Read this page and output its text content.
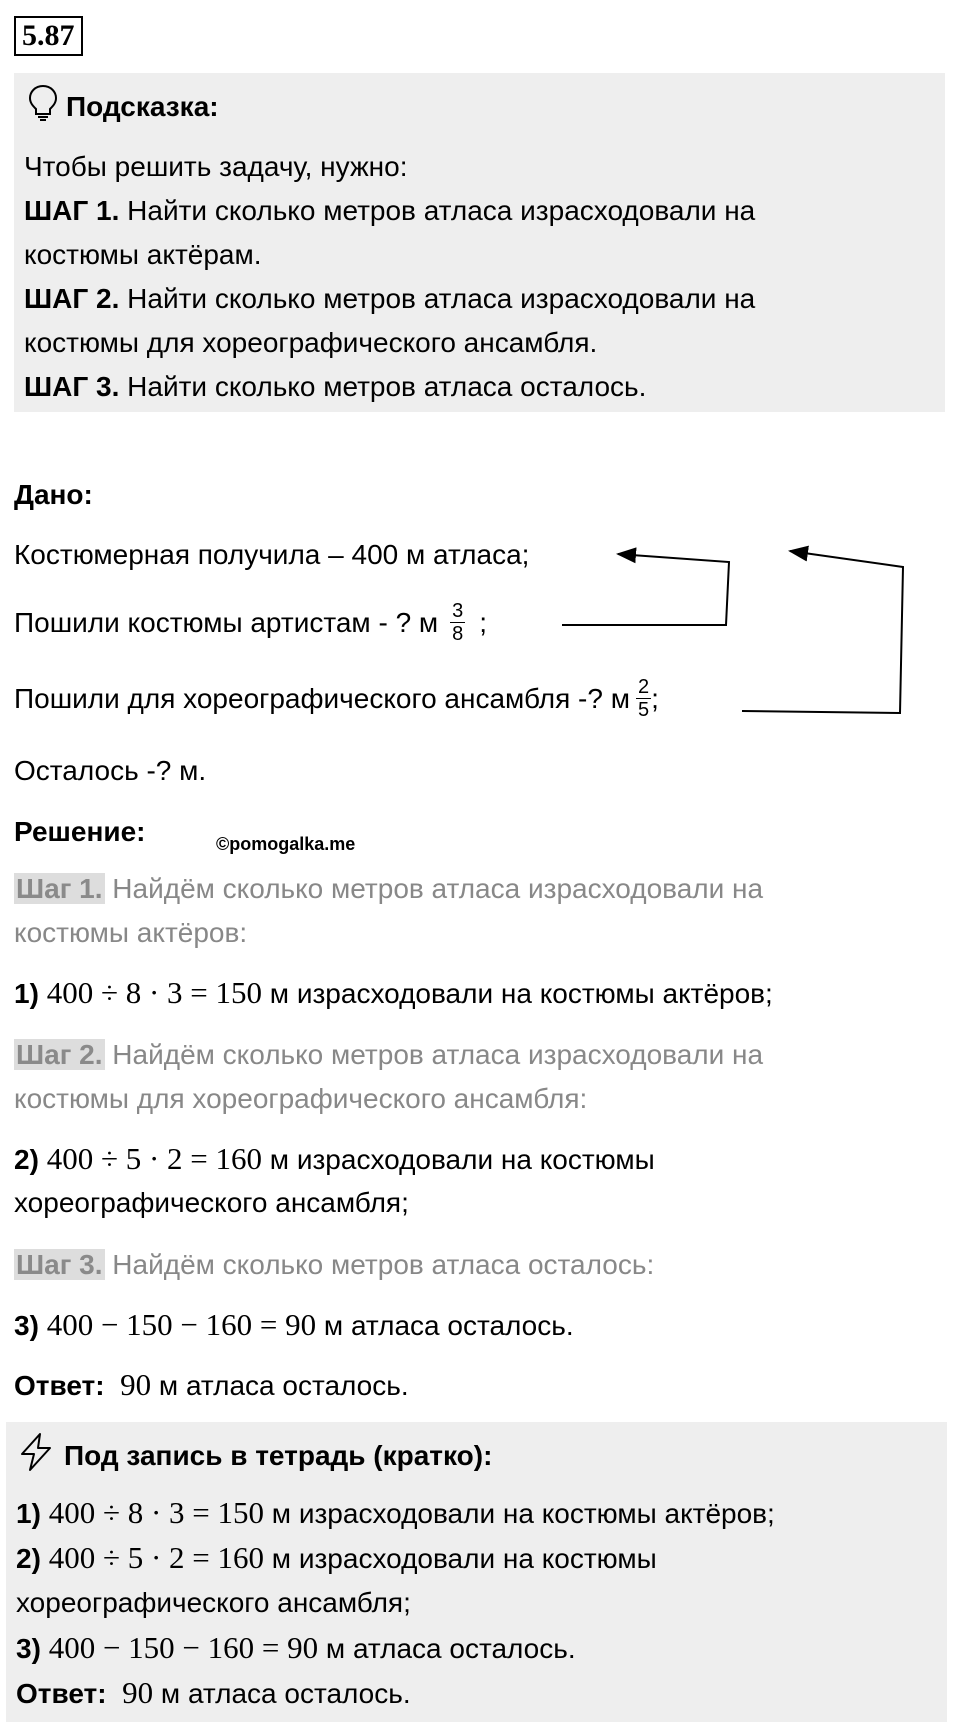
5.87
Подсказка:
Чтобы решить задачу, нужно:
ШАГ 1. Найти сколько метров атласа израсходовали на
костюмы актёрам.
ШАГ 2. Найти сколько метров атласа израсходовали на
костюмы для хореографического ансамбля.
ШАГ 3. Найти сколько метров атласа осталось.
Дано:
Костюмерная получила – 400 м атласа;
Пошили костюмы артистам - ? м $\frac{3}{8}$ ;
Пошили для хореографического ансамбля -? м $\frac{2}{5}$ ;
Осталось -? м.
Решение:	©pomogalka.me
Шаг 1. Найдём сколько метров атласа израсходовали на
костюмы актёров:
1) 400 ÷ 8 · 3 = 150 м израсходовали на костюмы актёров;
Шаг 2. Найдём сколько метров атласа израсходовали на
костюмы для хореографического ансамбля:
2) 400 ÷ 5 · 2 = 160 м израсходовали на костюмы
хореографического ансамбля;
Шаг 3. Найдём сколько метров атласа осталось:
3) 400 − 150 − 160 = 90 м атласа осталось.
Ответ: 90 м атласа осталось.
Под запись в тетрадь (кратко):
1) 400 ÷ 8 · 3 = 150 м израсходовали на костюмы актёров;
2) 400 ÷ 5 · 2 = 160 м израсходовали на костюмы
хореографического ансамбля;
3) 400 − 150 − 160 = 90 м атласа осталось.
Ответ: 90 м атласа осталось.
